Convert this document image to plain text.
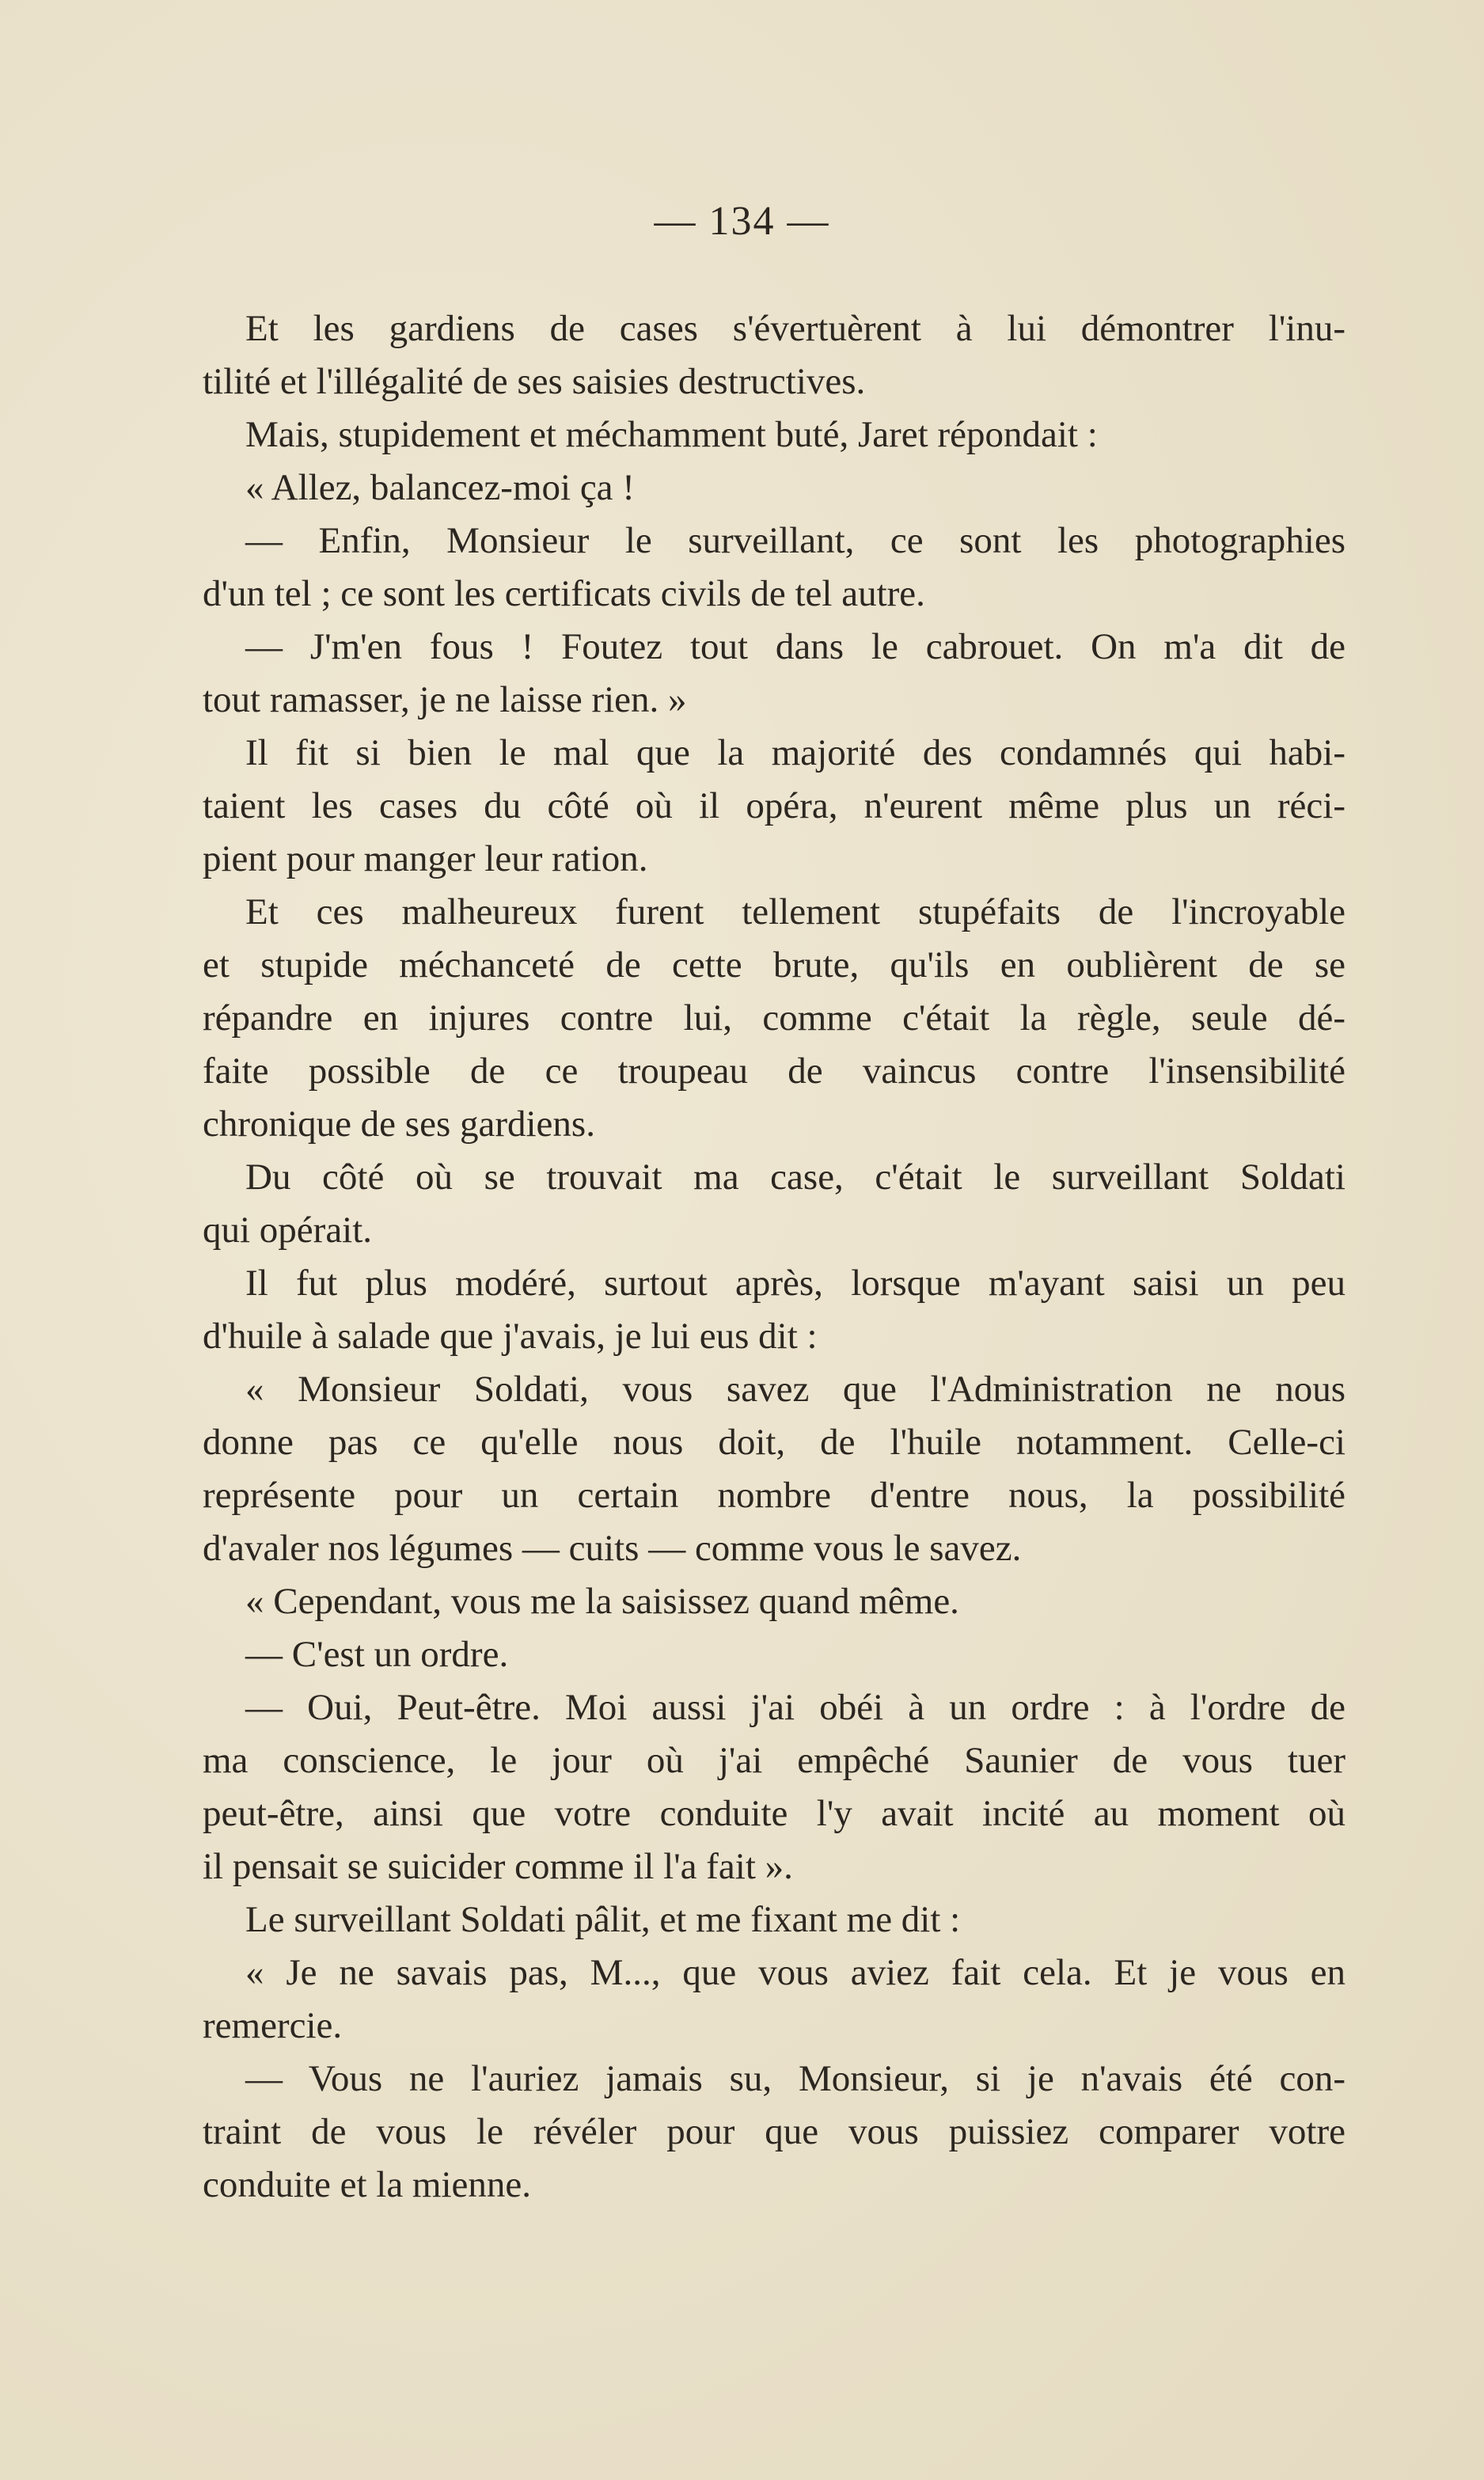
— 134 —
Et les gardiens de cases s'évertuèrent à lui démontrer l'inu-
tilité et l'illégalité de ses saisies destructives.
Mais, stupidement et méchamment buté, Jaret répondait :
« Allez, balancez-moi ça !
— Enfin, Monsieur le surveillant, ce sont les photographies
d'un tel ; ce sont les certificats civils de tel autre.
— J'm'en fous ! Foutez tout dans le cabrouet. On m'a dit de
tout ramasser, je ne laisse rien. »
Il fit si bien le mal que la majorité des condamnés qui habi-
taient les cases du côté où il opéra, n'eurent même plus un réci-
pient pour manger leur ration.
Et ces malheureux furent tellement stupéfaits de l'incroyable
et stupide méchanceté de cette brute, qu'ils en oublièrent de se
répandre en injures contre lui, comme c'était la règle, seule dé-
faite possible de ce troupeau de vaincus contre l'insensibilité
chronique de ses gardiens.
Du côté où se trouvait ma case, c'était le surveillant Soldati
qui opérait.
Il fut plus modéré, surtout après, lorsque m'ayant saisi un peu
d'huile à salade que j'avais, je lui eus dit :
« Monsieur Soldati, vous savez que l'Administration ne nous
donne pas ce qu'elle nous doit, de l'huile notamment. Celle-ci
représente pour un certain nombre d'entre nous, la possibilité
d'avaler nos légumes — cuits — comme vous le savez.
« Cependant, vous me la saisissez quand même.
— C'est un ordre.
— Oui, Peut-être. Moi aussi j'ai obéi à un ordre : à l'ordre de
ma conscience, le jour où j'ai empêché Saunier de vous tuer
peut-être, ainsi que votre conduite l'y avait incité au moment où
il pensait se suicider comme il l'a fait ».
Le surveillant Soldati pâlit, et me fixant me dit :
« Je ne savais pas, M..., que vous aviez fait cela. Et je vous en
remercie.
— Vous ne l'auriez jamais su, Monsieur, si je n'avais été con-
traint de vous le révéler pour que vous puissiez comparer votre
conduite et la mienne.
